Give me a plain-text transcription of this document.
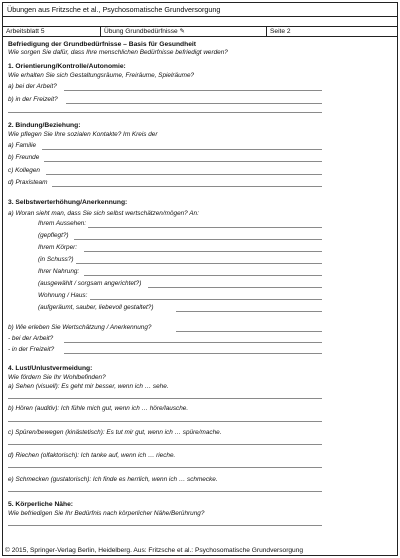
Übungen aus Fritzsche et al., Psychosomatische Grundversorgung
Arbeitsblatt 5	Übung Grundbedürfnisse ✎	Seite 2
Befriedigung der Grundbedürfnisse – Basis für Gesundheit
Wie sorgen Sie dafür, dass Ihre menschlichen Bedürfnisse befriedigt werden?
1. Orientierung/Kontrolle/Autonomie:
Wie erhalten Sie sich Gestaltungsräume, Freiräume, Spielräume?
a) bei der Arbeit?
b) in der Freizeit?
2. Bindung/Beziehung:
Wie pflegen Sie Ihre sozialen Kontakte? Im Kreis der
a) Familie
b) Freunde
c) Kollegen
d) Praxisteam
3. Selbstwerterhöhung/Anerkennung:
a) Woran sieht man, dass Sie sich selbst wertschätzen/mögen? An:
Ihrem Aussehen:
(gepflegt?)
Ihrem Körper:
(in Schuss?)
Ihrer Nahrung:
(ausgewählt / sorgsam angerichtet?)
Wohnung / Haus:
(aufgeräumt, sauber, liebevoll gestaltet?)
b) Wie erleben Sie Wertschätzung / Anerkennung?
- bei der Arbeit?
- in der Freizeit?
4. Lust/Unlustvermeidung:
Wie fördern Sie Ihr Wohlbefinden?
a) Sehen (visuell): Es geht mir besser, wenn ich … sehe.
b) Hören (auditiv): Ich fühle mich gut, wenn ich … höre/lausche.
c) Spüren/bewegen (kinästetisch): Es tut mir gut, wenn ich … spüre/mache.
d) Riechen (olfaktorisch): Ich tanke auf, wenn ich … rieche.
e) Schmecken (gustatorisch): Ich finde es herrlich, wenn ich … schmecke.
5. Körperliche Nähe:
Wie befriedigen Sie Ihr Bedürfnis nach körperlicher Nähe/Berührung?
© 2015, Springer-Verlag Berlin, Heidelberg. Aus: Fritzsche et al.: Psychosomatische Grundversorgung
